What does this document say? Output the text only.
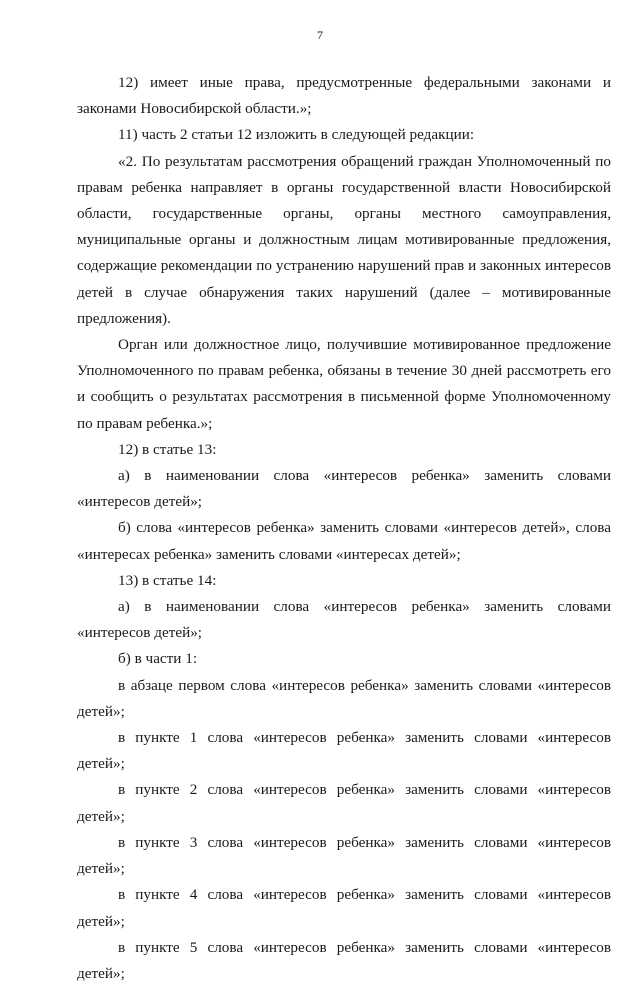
7

12) имеет иные права, предусмотренные федеральными законами и законами Новосибирской области.»;

11) часть 2 статьи 12 изложить в следующей редакции:

«2. По результатам рассмотрения обращений граждан Уполномоченный по правам ребенка направляет в органы государственной власти Новосибирской области, государственные органы, органы местного самоуправления, муниципальные органы и должностным лицам мотивированные предложения, содержащие рекомендации по устранению нарушений прав и законных интересов детей в случае обнаружения таких нарушений (далее – мотивированные предложения).

Орган или должностное лицо, получившие мотивированное предложение Уполномоченного по правам ребенка, обязаны в течение 30 дней рассмотреть его и сообщить о результатах рассмотрения в письменной форме Уполномоченному по правам ребенка.»;

12) в статье 13:

а) в наименовании слова «интересов ребенка» заменить словами «интересов детей»;

б) слова «интересов ребенка» заменить словами «интересов детей», слова «интересах ребенка» заменить словами «интересах детей»;

13) в статье 14:

а) в наименовании слова «интересов ребенка» заменить словами «интересов детей»;

б) в части 1:

в абзаце первом слова «интересов ребенка» заменить словами «интересов детей»;

в пункте 1 слова «интересов ребенка» заменить словами «интересов детей»;

в пункте 2 слова «интересов ребенка» заменить словами «интересов детей»;

в пункте 3 слова «интересов ребенка» заменить словами «интересов детей»;

в пункте 4 слова «интересов ребенка» заменить словами «интересов детей»;

в пункте 5 слова «интересов ребенка» заменить словами «интересов детей»;
